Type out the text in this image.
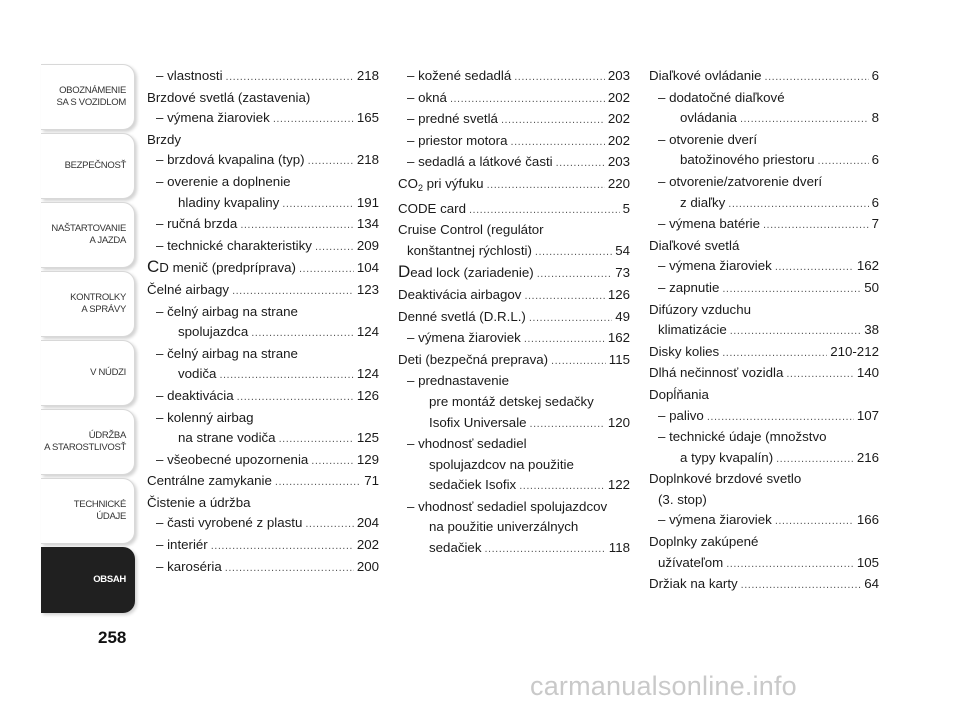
OBOZNÁMENIE
SA S VOZIDLOM
BEZPEČNOSŤ
NAŠTARTOVANIE
A JAZDA
KONTROLKY
A SPRÁVY
V NÚDZI
ÚDRŽBA
A STAROSTLIVOSŤ
TECHNICKÉ
ÚDAJE
OBSAH
258
– vlastnosti .....	218
Brzdové svetlá (zastavenia)
– výmena žiaroviek .....	165
Brzdy
– brzdová kvapalina (typ) .....	218
– overenie a doplnenie
hladiny kvapaliny .....	191
– ručná brzda .....	134
– technické charakteristiky .....	209
CD menič (predpríprava) .....	104
Čelné airbagy .....	123
– čelný airbag na strane
spolujazdca .....	124
– čelný airbag na strane
vodiča .....	124
– deaktivácia .....	126
– kolenný airbag
na strane vodiča .....	125
– všeobecné upozornenia .....	129
Centrálne zamykanie .....	71
Čistenie a údržba
– časti vyrobené z plastu .....	204
– interiér .....	202
– karoséria .....	200
– kožené sedadlá .....	203
– okná .....	202
– predné svetlá .....	202
– priestor motora .....	202
– sedadlá a látkové časti .....	203
$CO_2$ pri výfuku .....	220
CODE card .....	5
Cruise Control (regulátor
konštantnej rýchlosti) .....	54
Dead lock (zariadenie) .....	73
Deaktivácia airbagov .....	126
Denné svetlá (D.R.L.) .....	49
– výmena žiaroviek .....	162
Deti (bezpečná preprava) .....	115
– prednastavenie
pre montáž detskej sedačky
Isofix Universale .....	120
– vhodnosť sedadiel
spolujazdcov na použitie
sedačiek Isofix .....	122
– vhodnosť sedadiel spolujazdcov
na použitie univerzálnych
sedačiek .....	118
Diaľkové ovládanie .....	6
– dodatočné diaľkové
ovládania .....	8
– otvorenie dverí
batožinového priestoru .....	6
– otvorenie/zatvorenie dverí
z diaľky .....	6
– výmena batérie .....	7
Diaľkové svetlá
– výmena žiaroviek .....	162
– zapnutie .....	50
Difúzory vzduchu
klimatizácie .....	38
Disky kolies .....	210-212
Dlhá nečinnosť vozidla .....	140
Dopĺňania
– palivo .....	107
– technické údaje (množstvo
a typy kvapalín) .....	216
Doplnkové brzdové svetlo
(3. stop)
– výmena žiaroviek .....	166
Doplnky zakúpené
užívateľom .....	105
Držiak na karty .....	64
carmanualsonline.info
